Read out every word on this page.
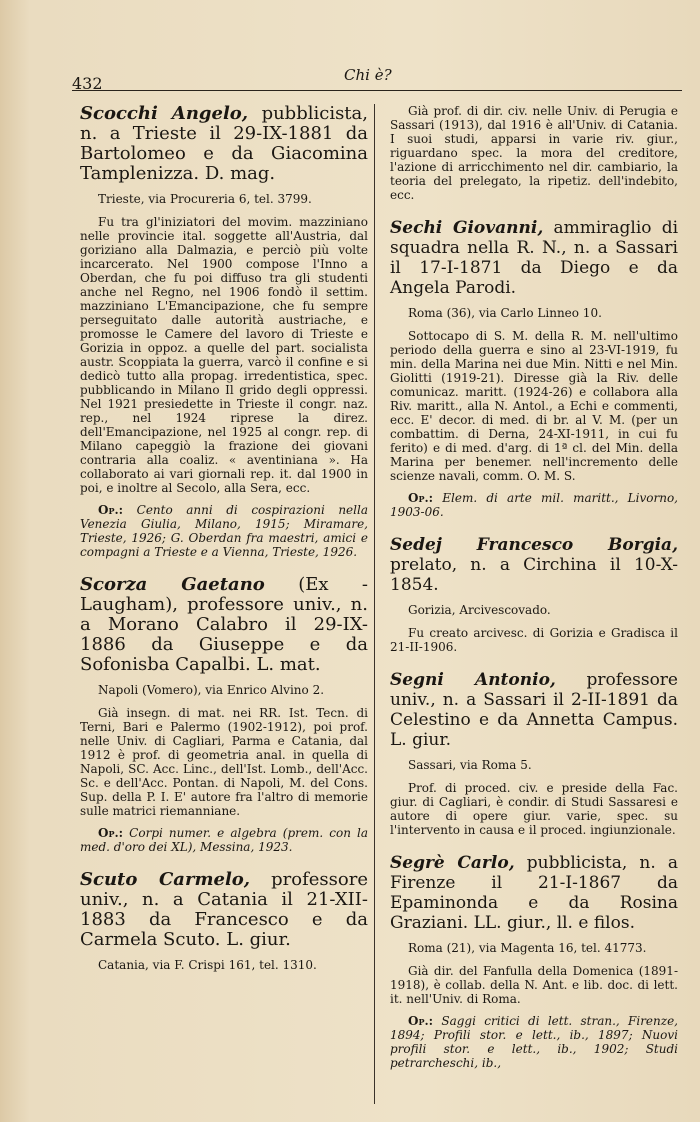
432	Chi è?

Scocchi Angelo, pubblicista, n. a Trieste il 29-IX-1881 da Bartolomeo e da Giacomina Tamplenizza. D. mag.

Trieste, via Procureria 6, tel. 3799.

Fu tra gl'iniziatori del movim. mazziniano nelle provincie ital. soggette all'Austria, dal goriziano alla Dalmazia, e perciò più volte incarcerato. Nel 1900 compose l'Inno a Oberdan, che fu poi diffuso tra gli studenti anche nel Regno, nel 1906 fondò il settim. mazziniano L'Emancipazione, che fu sempre perseguitato dalle autorità austriache, e promosse le Camere del lavoro di Trieste e Gorizia in oppoz. a quelle del part. socialista austr. Scoppiata la guerra, varcò il confine e si dedicò tutto alla propag. irredentistica, spec. pubblicando in Milano Il grido degli oppressi. Nel 1921 presiedette in Trieste il congr. naz. rep., nel 1924 riprese la direz. dell'Emancipazione, nel 1925 al congr. rep. di Milano capeggiò la frazione dei giovani contraria alla coaliz. « aventiniana ». Ha collaborato ai vari giornali rep. it. dal 1900 in poi, e inoltre al Secolo, alla Sera, ecc.

Op.: Cento anni di cospirazioni nella Venezia Giulia, Milano, 1915; Miramare, Trieste, 1926; G. Oberdan fra maestri, amici e compagni a Trieste e a Vienna, Trieste, 1926.

Scorza Gaetano (Ex - Laugham), professore univ., n. a Morano Calabro il 29-IX-1886 da Giuseppe e da Sofonisba Capalbi. L. mat.

Napoli (Vomero), via Enrico Alvino 2.

Già insegn. di mat. nei RR. Ist. Tecn. di Terni, Bari e Palermo (1902-1912), poi prof. nelle Univ. di Cagliari, Parma e Catania, dal 1912 è prof. di geometria anal. in quella di Napoli, SC. Acc. Linc., dell'Ist. Lomb., dell'Acc. Sc. e dell'Acc. Pontan. di Napoli, M. del Cons. Sup. della P. I. E' autore fra l'altro di memorie sulle matrici riemanniane.

Op.: Corpi numer. e algebra (prem. con la med. d'oro dei XL), Messina, 1923.

Scuto Carmelo, professore univ., n. a Catania il 21-XII-1883 da Francesco e da Carmela Scuto. L. giur.

Catania, via F. Crispi 161, tel. 1310.

Già prof. di dir. civ. nelle Univ. di Perugia e Sassari (1913), dal 1916 è all'Univ. di Catania. I suoi studi, apparsi in varie riv. giur., riguardano spec. la mora del creditore, l'azione di arricchimento nel dir. cambiario, la teoria del prelegato, la ripetiz. dell'indebito, ecc.

Sechi Giovanni, ammiraglio di squadra nella R. N., n. a Sassari il 17-I-1871 da Diego e da Angela Parodi.

Roma (36), via Carlo Linneo 10.

Sottocapo di S. M. della R. M. nell'ultimo periodo della guerra e sino al 23-VI-1919, fu min. della Marina nei due Min. Nitti e nel Min. Giolitti (1919-21). Diresse già la Riv. delle comunicaz. maritt. (1924-26) e collabora alla Riv. maritt., alla N. Antol., a Echi e commenti, ecc. E' decor. di med. di br. al V. M. (per un combattim. di Derna, 24-XI-1911, in cui fu ferito) e di med. d'arg. di 1ª cl. del Min. della Marina per benemer. nell'incremento delle scienze navali, comm. O. M. S.

Op.: Elem. di arte mil. maritt., Livorno, 1903-06.

Sedej Francesco Borgia, prelato, n. a Circhina il 10-X-1854.

Gorizia, Arcivescovado.

Fu creato arcivesc. di Gorizia e Gradisca il 21-II-1906.

Segni Antonio, professore univ., n. a Sassari il 2-II-1891 da Celestino e da Annetta Campus. L. giur.

Sassari, via Roma 5.

Prof. di proced. civ. e preside della Fac. giur. di Cagliari, è condir. di Studi Sassaresi e autore di opere giur. varie, spec. su l'intervento in causa e il proced. ingiunzionale.

Segrè Carlo, pubblicista, n. a Firenze il 21-I-1867 da Epaminonda e da Rosina Graziani. LL. giur., ll. e filos.

Roma (21), via Magenta 16, tel. 41773.

Già dir. del Fanfulla della Domenica (1891-1918), è collab. della N. Ant. e lib. doc. di lett. it. nell'Univ. di Roma.

Op.: Saggi critici di lett. stran., Firenze, 1894; Profili stor. e lett., ib., 1897; Nuovi profili stor. e lett., ib., 1902; Studi petrarcheschi, ib.,
